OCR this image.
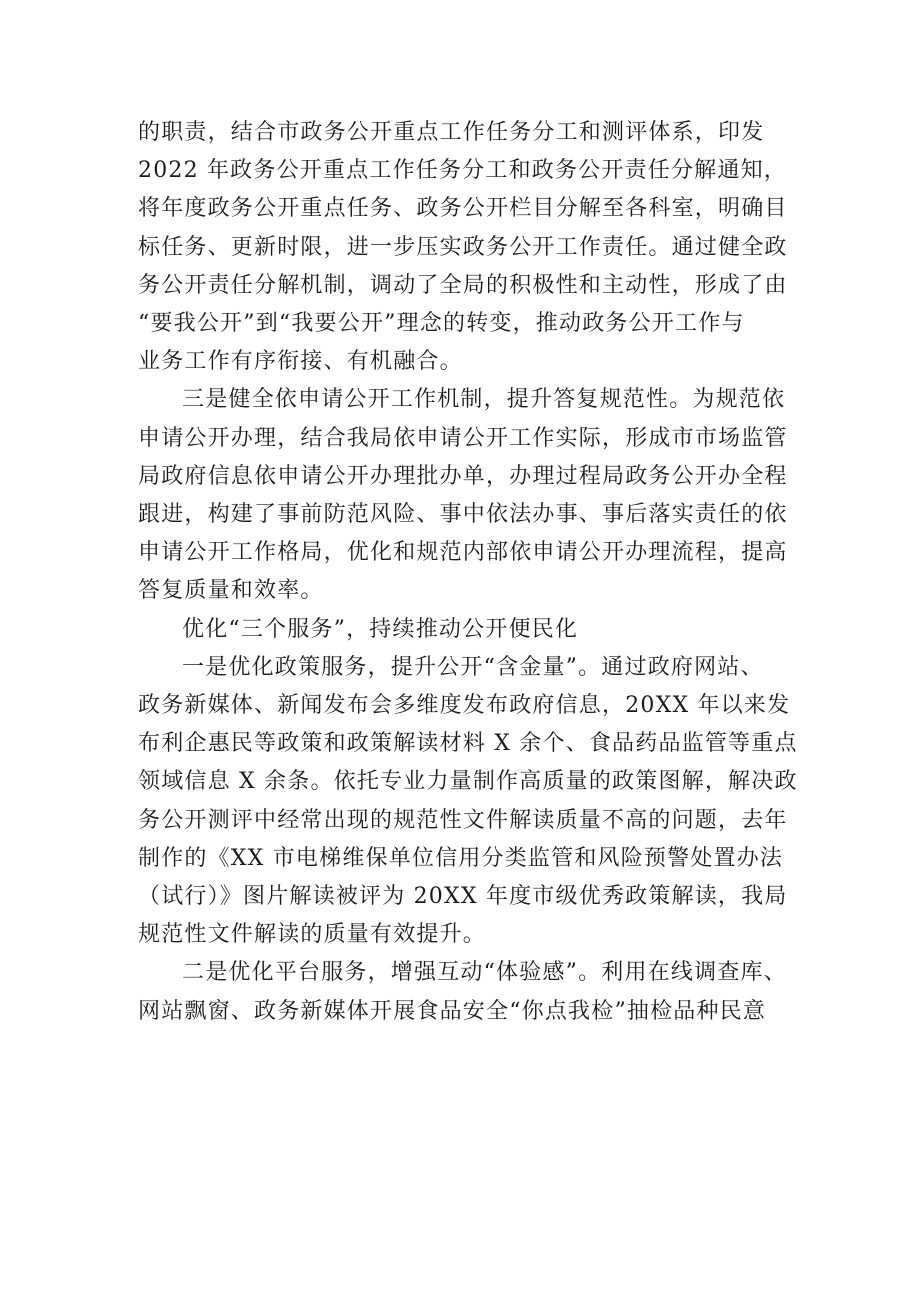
的职责，结合市政务公开重点工作任务分工和测评体系，印发
2022 年政务公开重点工作任务分工和政务公开责任分解通知，
将年度政务公开重点任务、政务公开栏目分解至各科室，明确目
标任务、更新时限，进一步压实政务公开工作责任。通过健全政
务公开责任分解机制，调动了全局的积极性和主动性，形成了由
“要我公开”到“我要公开”理念的转变，推动政务公开工作与
业务工作有序衔接、有机融合。

三是健全依申请公开工作机制，提升答复规范性。为规范依
申请公开办理，结合我局依申请公开工作实际，形成市市场监管
局政府信息依申请公开办理批办单，办理过程局政务公开办全程
跟进，构建了事前防范风险、事中依法办事、事后落实责任的依
申请公开工作格局，优化和规范内部依申请公开办理流程，提高
答复质量和效率。

优化“三个服务”，持续推动公开便民化

一是优化政策服务，提升公开“含金量”。通过政府网站、
政务新媒体、新闻发布会多维度发布政府信息，20XX 年以来发
布利企惠民等政策和政策解读材料 X 余个、食品药品监管等重点
领域信息 X 余条。依托专业力量制作高质量的政策图解，解决政
务公开测评中经常出现的规范性文件解读质量不高的问题，去年
制作的《XX 市电梯维保单位信用分类监管和风险预警处置办法
（试行）》图片解读被评为 20XX 年度市级优秀政策解读，我局
规范性文件解读的质量有效提升。

二是优化平台服务，增强互动“体验感”。利用在线调查库、
网站飘窗、政务新媒体开展食品安全“你点我检”抽检品种民意
